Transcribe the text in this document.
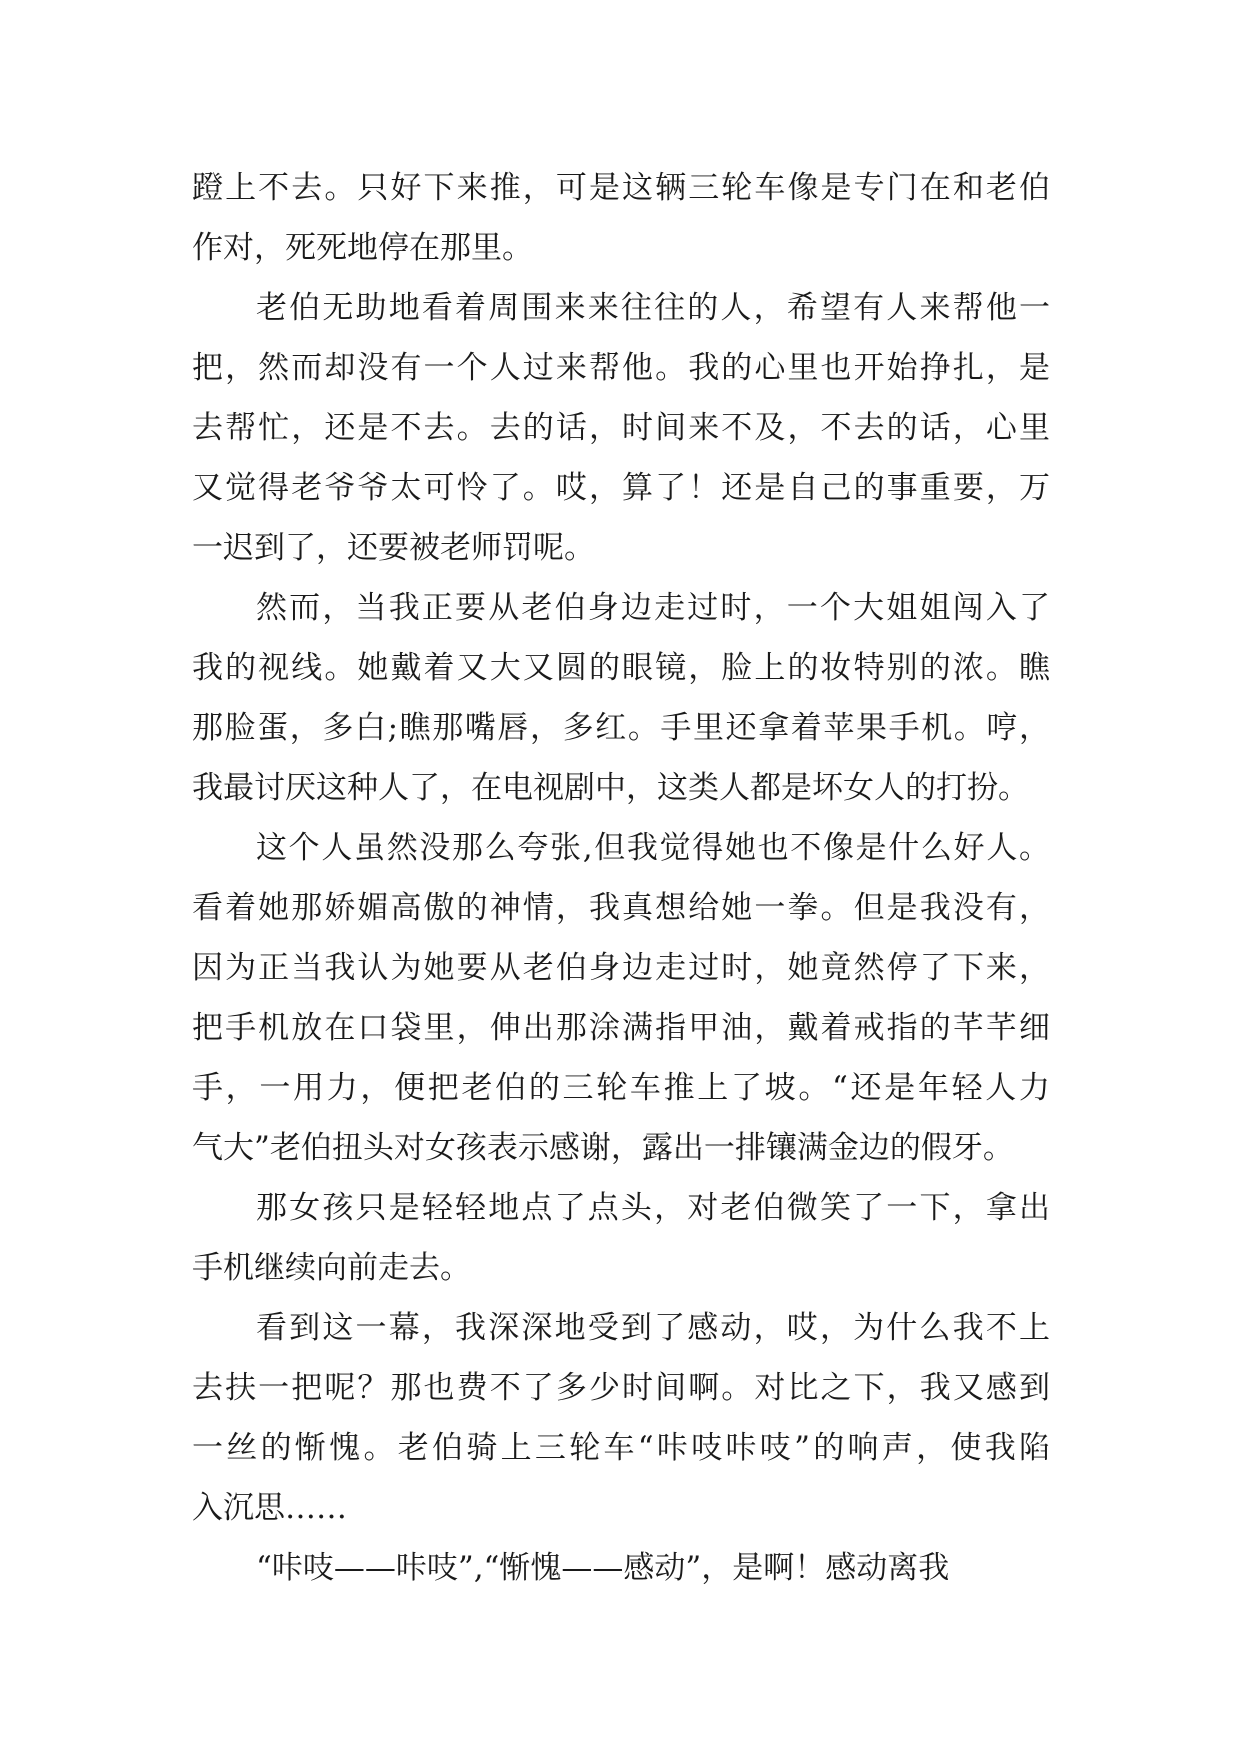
蹬上不去。只好下来推，可是这辆三轮车像是专门在和老伯
作对，死死地停在那里。

老伯无助地看着周围来来往往的人，希望有人来帮他一
把，然而却没有一个人过来帮他。我的心里也开始挣扎，是
去帮忙，还是不去。去的话，时间来不及，不去的话，心里
又觉得老爷爷太可怜了。哎，算了！还是自己的事重要，万
一迟到了，还要被老师罚呢。

然而，当我正要从老伯身边走过时，一个大姐姐闯入了
我的视线。她戴着又大又圆的眼镜，脸上的妆特别的浓。瞧
那脸蛋，多白;瞧那嘴唇，多红。手里还拿着苹果手机。哼，
我最讨厌这种人了，在电视剧中，这类人都是坏女人的打扮。

这个人虽然没那么夸张,但我觉得她也不像是什么好人。
看着她那娇媚高傲的神情，我真想给她一拳。但是我没有，
因为正当我认为她要从老伯身边走过时，她竟然停了下来，
把手机放在口袋里，伸出那涂满指甲油，戴着戒指的芊芊细
手，一用力，便把老伯的三轮车推上了坡。“还是年轻人力
气大”老伯扭头对女孩表示感谢，露出一排镶满金边的假牙。

那女孩只是轻轻地点了点头，对老伯微笑了一下，拿出
手机继续向前走去。

看到这一幕，我深深地受到了感动，哎，为什么我不上
去扶一把呢？那也费不了多少时间啊。对比之下，我又感到
一丝的惭愧。老伯骑上三轮车“咔吱咔吱”的响声，使我陷
入沉思……

“咔吱——咔吱”,“惭愧——感动”，是啊！感动离我
